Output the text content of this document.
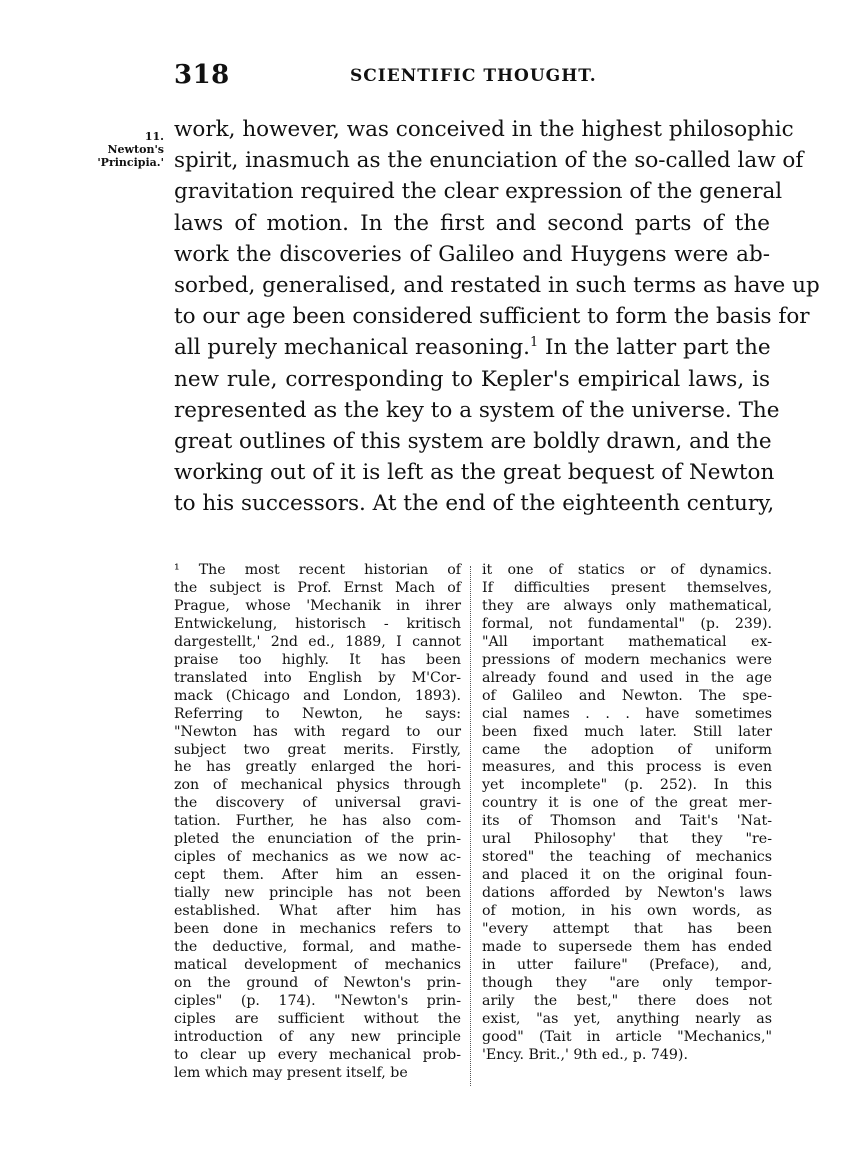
318	SCIENTIFIC THOUGHT.
11.
Newton's
'Principia.'
work, however, was conceived in the highest philosophic
spirit, inasmuch as the enunciation of the so-called law of
gravitation required the clear expression of the general
laws of motion. In the first and second parts of the
work the discoveries of Galileo and Huygens were ab-
sorbed, generalised, and restated in such terms as have up
to our age been considered sufficient to form the basis for
all purely mechanical reasoning.$^1$ In the latter part the
new rule, corresponding to Kepler's empirical laws, is
represented as the key to a system of the universe. The
great outlines of this system are boldly drawn, and the
working out of it is left as the great bequest of Newton
to his successors. At the end of the eighteenth century,
¹ The most recent historian of
the subject is Prof. Ernst Mach of
Prague, whose 'Mechanik in ihrer
Entwickelung, historisch - kritisch
dargestellt,' 2nd ed., 1889, I cannot
praise too highly. It has been
translated into English by M'Cor-
mack (Chicago and London, 1893).
Referring to Newton, he says:
"Newton has with regard to our
subject two great merits. Firstly,
he has greatly enlarged the hori-
zon of mechanical physics through
the discovery of universal gravi-
tation. Further, he has also com-
pleted the enunciation of the prin-
ciples of mechanics as we now ac-
cept them. After him an essen-
tially new principle has not been
established. What after him has
been done in mechanics refers to
the deductive, formal, and mathe-
matical development of mechanics
on the ground of Newton's prin-
ciples" (p. 174). "Newton's prin-
ciples are sufficient without the
introduction of any new principle
to clear up every mechanical prob-
lem which may present itself, be
it one of statics or of dynamics.
If difficulties present themselves,
they are always only mathematical,
formal, not fundamental" (p. 239).
"All important mathematical ex-
pressions of modern mechanics were
already found and used in the age
of Galileo and Newton. The spe-
cial names . . . have sometimes
been fixed much later. Still later
came the adoption of uniform
measures, and this process is even
yet incomplete" (p. 252). In this
country it is one of the great mer-
its of Thomson and Tait's 'Nat-
ural Philosophy' that they "re-
stored" the teaching of mechanics
and placed it on the original foun-
dations afforded by Newton's laws
of motion, in his own words, as
"every attempt that has been
made to supersede them has ended
in utter failure" (Preface), and,
though they "are only tempor-
arily the best," there does not
exist, "as yet, anything nearly as
good" (Tait in article "Mechanics,"
'Ency. Brit.,' 9th ed., p. 749).
